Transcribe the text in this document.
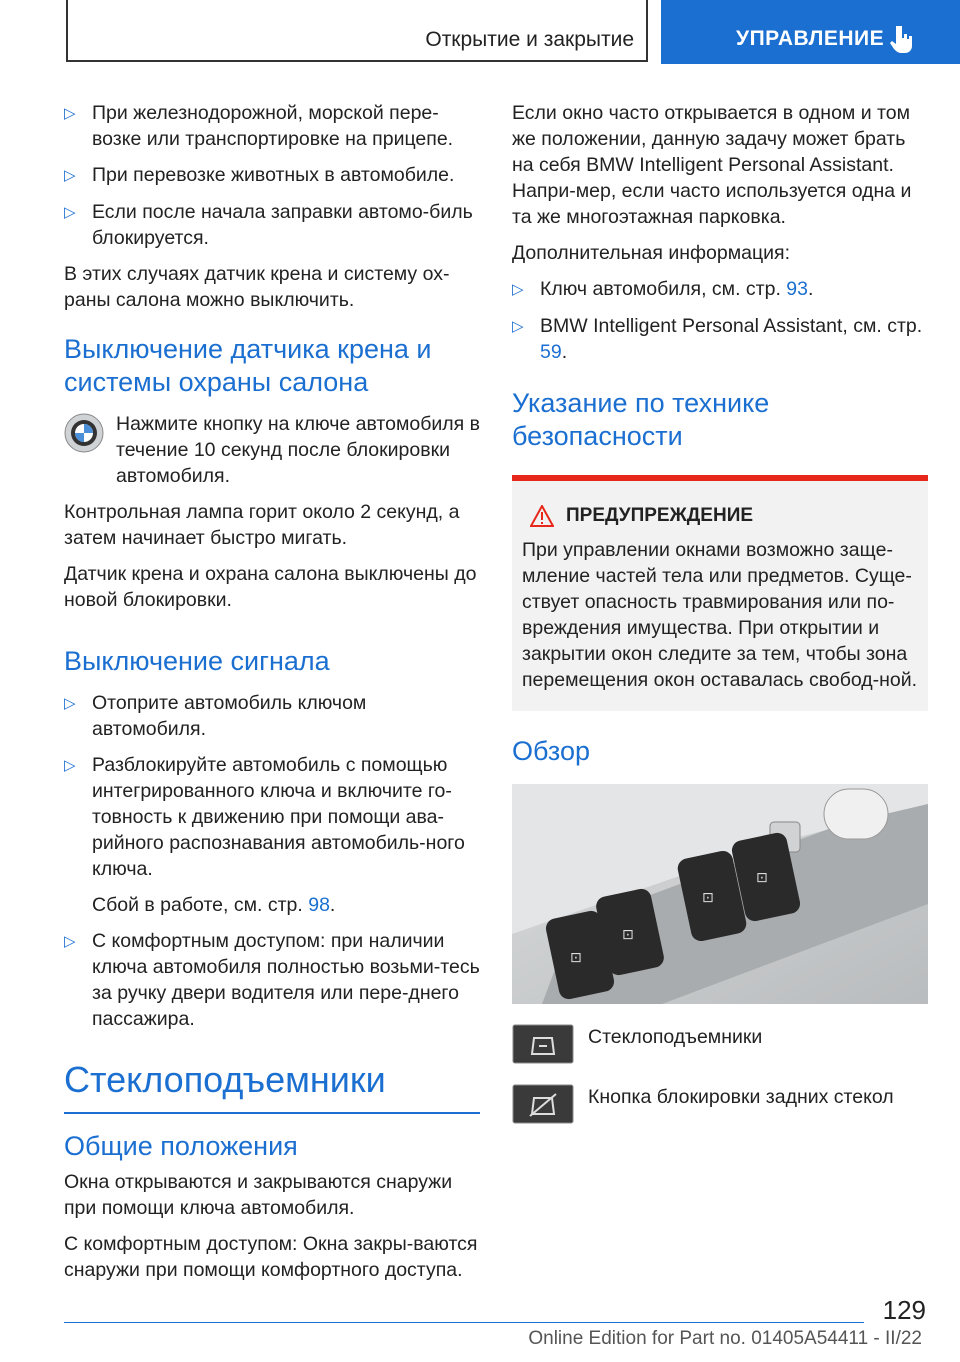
Открытие и закрытие	УПРАВЛЕНИЕ
▷ При железнодорожной, морской пере-возке или транспортировке на прицепе.
▷ При перевозке животных в автомобиле.
▷ Если после начала заправки автомо-биль блокируется.

В этих случаях датчик крена и систему ох-раны салона можно выключить.

Выключение датчика крена и системы охраны салона
Нажмите кнопку на ключе автомобиля в течение 10 секунд после блокировки автомобиля.

Контрольная лампа горит около 2 секунд, а затем начинает быстро мигать.

Датчик крена и охрана салона выключены до новой блокировки.

Выключение сигнала
▷ Отоприте автомобиль ключом автомобиля.
▷ Разблокируйте автомобиль с помощью интегрированного ключа и включите го-товность к движению при помощи ава-рийного распознавания автомобиль-ного ключа.

Сбой в работе, см. стр. 98.

▷ С комфортным доступом: при наличии ключа автомобиля полностью возьми-тесь за ручку двери водителя или пере-днего пассажира.
Стеклоподъемники
Общие положения

Окна открываются и закрываются снаружи при помощи ключа автомобиля.

С комфортным доступом: Окна закры-ваются снаружи при помощи комфортного доступа.

Если окно часто открывается в одном и том же положении, данную задачу может брать на себя BMW Intelligent Personal Assistant. Напри-мер, если часто используется одна и та же многоэтажная парковка.

Дополнительная информация:

▷ Ключ автомобиля, см. стр. 93.
▷ BMW Intelligent Personal Assistant, см. стр. 59.
Указание по технике безопасности
ПРЕДУПРЕЖДЕНИЕ
При управлении окнами возможно защe-мление частей тела или предметов. Суще-ствует опасность травмирования или по-вреждения имущества. При открытии и закрытии окон следите за тем, чтобы зона перемещения окон оставалась свобод-ной.
Обзор
⊡
⊡
⊡
⊡
Стеклоподъемники
Кнопка блокировки задних стекол
129
Online Edition for Part no. 01405A54411 - II/22
